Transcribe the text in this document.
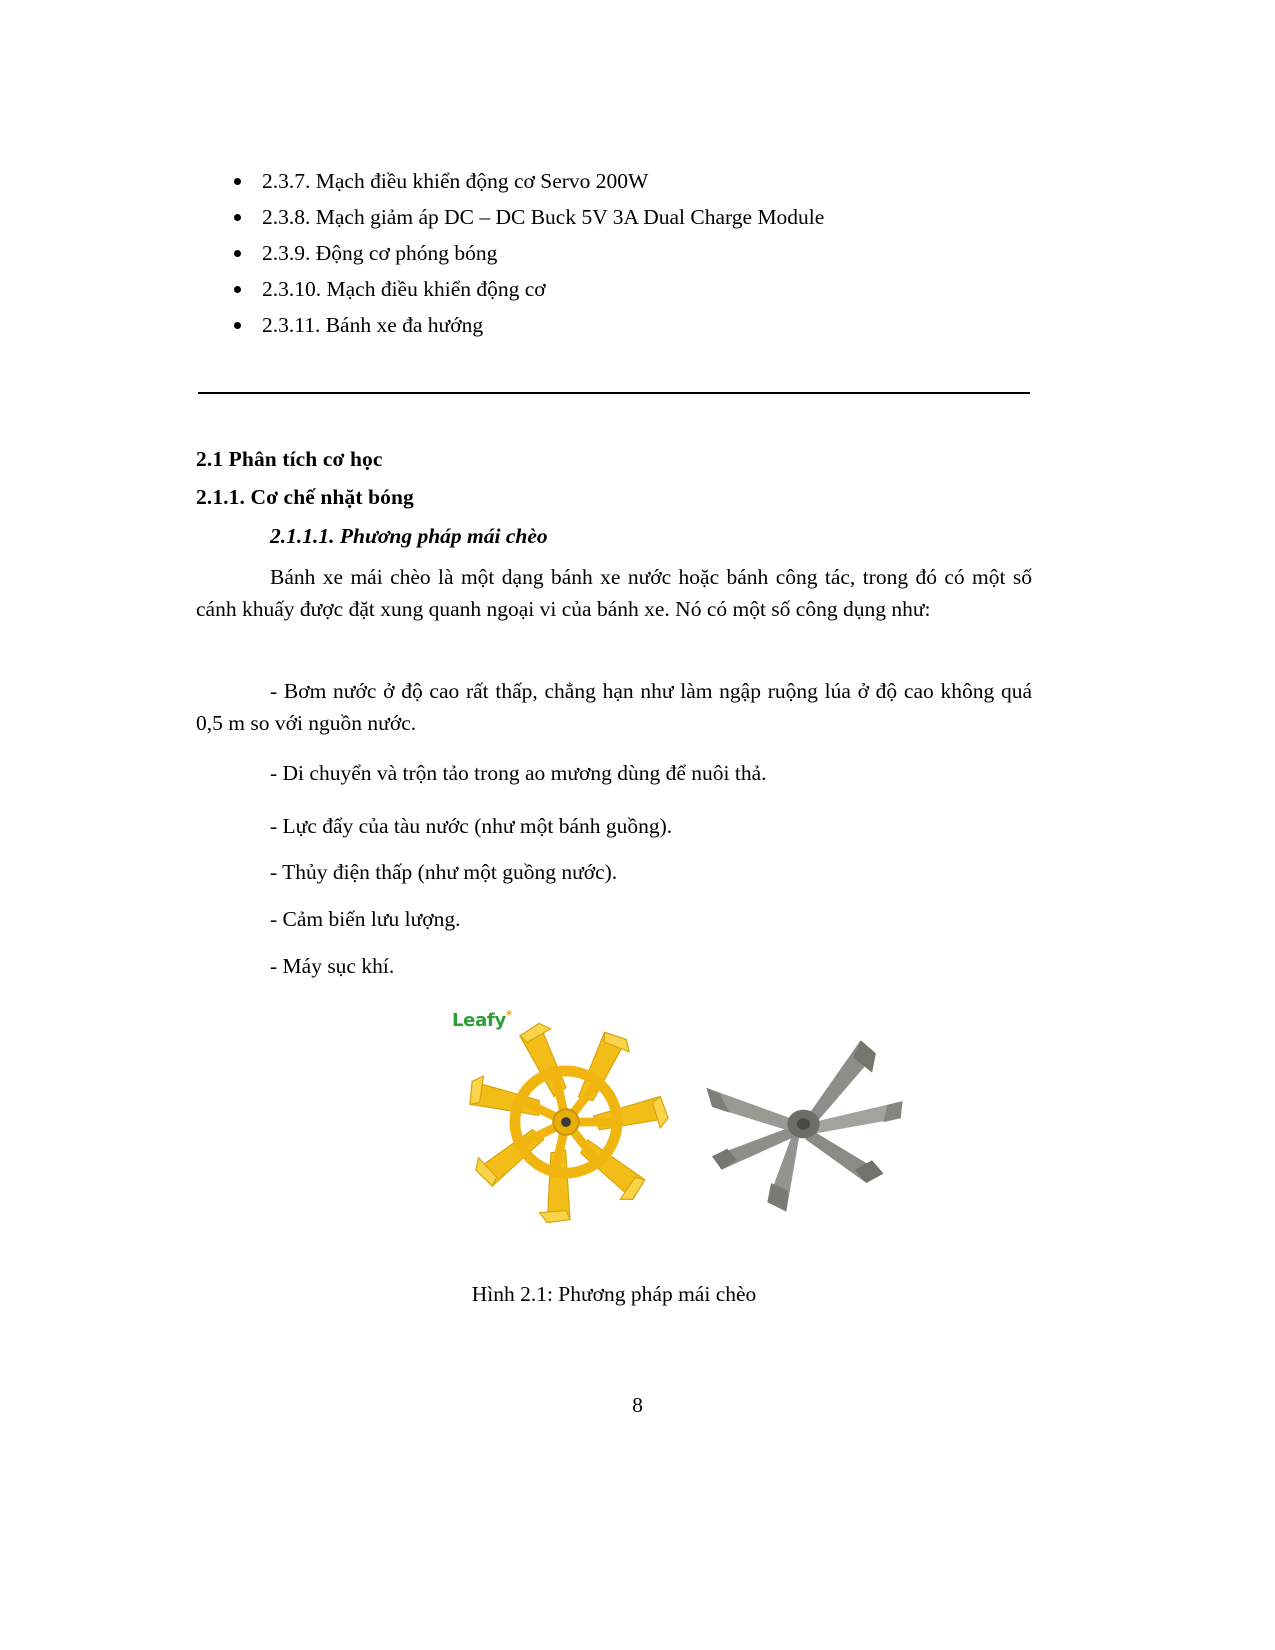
2.3.7. Mạch điều khiển động cơ Servo 200W
2.3.8. Mạch giảm áp DC – DC Buck 5V 3A Dual Charge Module
2.3.9. Động cơ phóng bóng
2.3.10. Mạch điều khiển động cơ
2.3.11. Bánh xe đa hướng
2.1 Phân tích cơ học
2.1.1. Cơ chế nhặt bóng
2.1.1.1. Phương pháp mái chèo

Bánh xe mái chèo là một dạng bánh xe nước hoặc bánh công tác, trong đó có một số cánh khuấy được đặt xung quanh ngoại vi của bánh xe. Nó có một số công dụng như:

- Bơm nước ở độ cao rất thấp, chẳng hạn như làm ngập ruộng lúa ở độ cao không quá 0,5 m so với nguồn nước.

- Di chuyển và trộn tảo trong ao mương dùng để nuôi thả.

- Lực đẩy của tàu nước (như một bánh guồng).

- Thủy điện thấp (như một guồng nước).

- Cảm biến lưu lượng.

- Máy sục khí.

Leafy*
Hình 2.1: Phương pháp mái chèo
8
